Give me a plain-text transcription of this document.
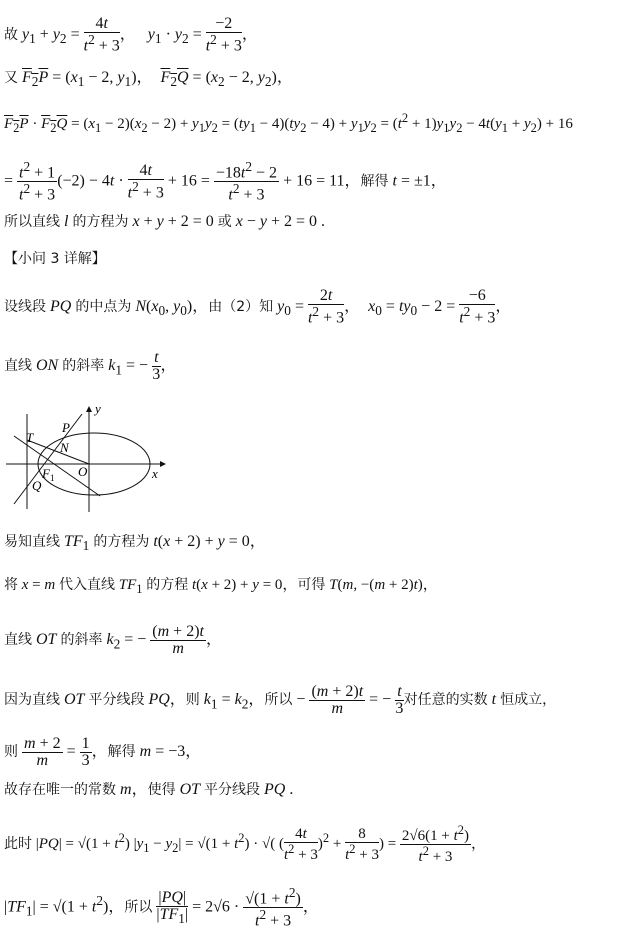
故 $y_1 + y_2 = \frac{4t}{t^2 + 3}$ ，   $y_1 \cdot y_2 = \frac{-2}{t^2 + 3}$ ，
又 $F_2P = (x_1 - 2$, $y_1$)，  $F_2Q = (x_2 - 2$, $y_2$)，
$F_2P \cdot F_2Q = (x_1 - 2)(x_2 - 2) + y_1y_2 = (ty_1 - 4)(ty_2 - 4) + y_1y_2 = (t^2 + 1)y_1y_2 - 4t(y_1 + y_2) + 16$
= $\frac{t^2 + 1}{t^2 + 3} (-2) - 4t \cdot \frac{4t}{t^2 + 3} + 16 = \frac{-18t^2 - 2}{t^2 + 3} + 16 = 11$，解得 t = ±1，
所以直线 l 的方程为 x + y + 2 = 0 或 x − y + 2 = 0 .
【小问 3 详解】
设线段 PQ 的中点为 $N(x_0$, $y_0$)，由（2）知 $y_0 = \frac{2t}{t^2 + 3}$ ，  $x_0 = ty_0 - 2 = \frac{-6}{t^2 + 3}$ ，
直线 ON 的斜率 $k_1$ = − $\frac{t}{3}$ ，
y
x
O
T
P
N
$F_1$
Q
易知直线 $TF_1$ 的方程为 t(x + 2) + y = 0，
将 x = m 代入直线 $TF_1$ 的方程 t(x + 2) + y = 0，可得 T(m, −(m + 2)t)，
直线 OT 的斜率 $k_2$ = − $\frac{(m + 2)t}{m}$ ，
因为直线 OT 平分线段 PQ，则 $k_1 = k_2$，所以 − $\frac{(m + 2)t}{m}$ = − $\frac{t}{3}$ 对任意的实数 t 恒成立，
则 $\frac{m + 2}{m} = \frac{1}{3}$ ，解得 m = −3，
故存在唯一的常数 m，使得 OT 平分线段 PQ .
此时 $|PQ| = √(1 + t^2)$ $|y_1 - y_2| = √(1 + t^2)$ · √( ( $\frac{4t}{t^2 + 3} )^2 + \frac{8}{t^2 + 3}$ ) = $\frac{2√6(1 + t^2)}{t^2 + 3}$ ，
$|TF_1| = √(1 + t^2)$，所以 $\frac{|PQ|}{|TF_1|} = 2√6 \cdot \frac{√(1 + t^2)}{t^2 + 3}$ ，
